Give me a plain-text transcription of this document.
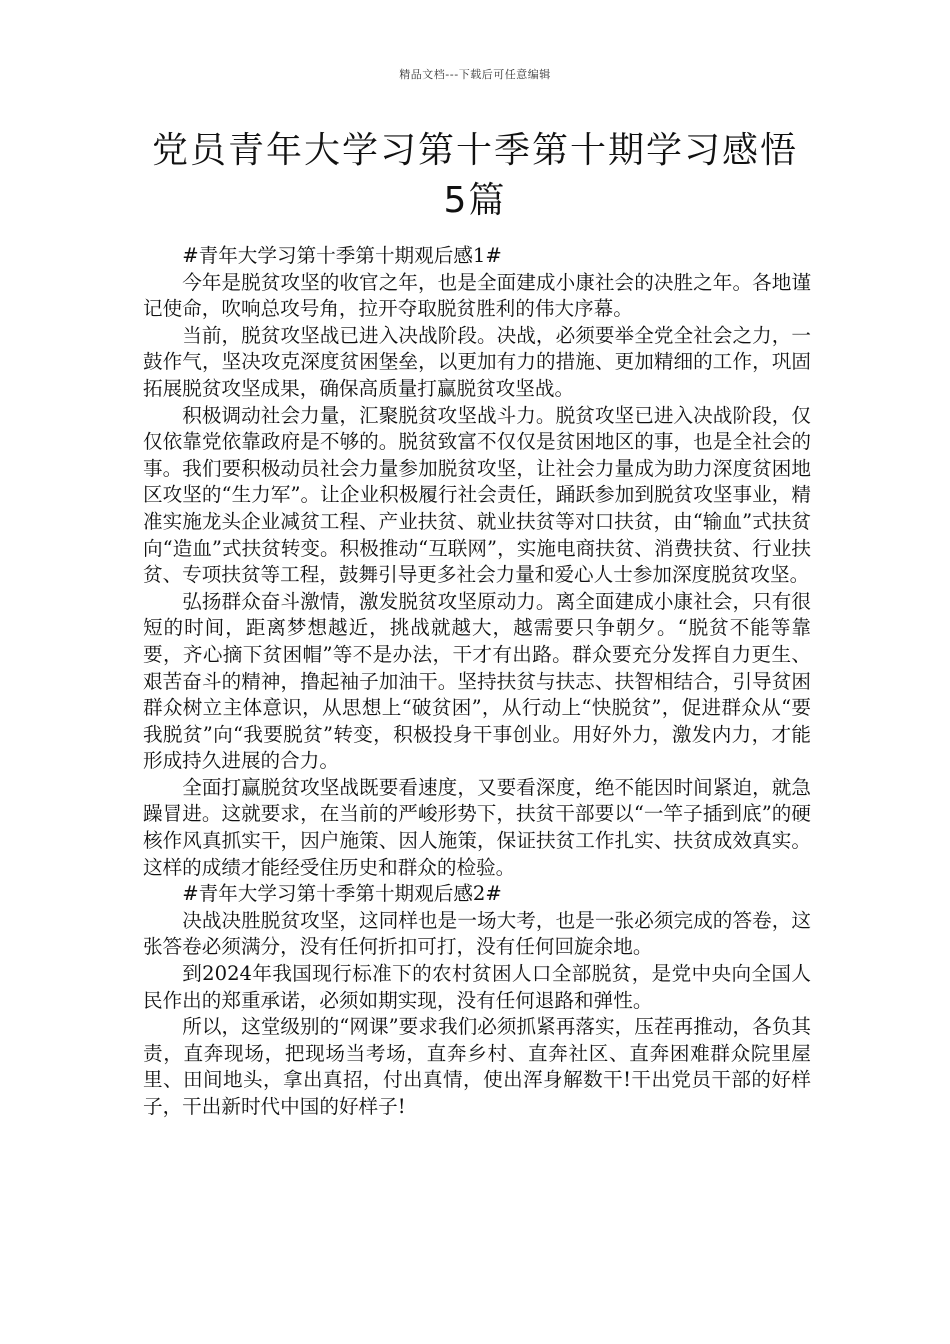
精品文档---下载后可任意编辑
党员青年大学习第十季第十期学习感悟
5篇

#青年大学习第十季第十期观后感1#

今年是脱贫攻坚的收官之年，也是全面建成小康社会的决胜之年。各地谨记使命，吹响总攻号角，拉开夺取脱贫胜利的伟大序幕。

当前，脱贫攻坚战已进入决战阶段。决战，必须要举全党全社会之力，一鼓作气，坚决攻克深度贫困堡垒，以更加有力的措施、更加精细的工作，巩固拓展脱贫攻坚成果，确保高质量打赢脱贫攻坚战。

积极调动社会力量，汇聚脱贫攻坚战斗力。脱贫攻坚已进入决战阶段，仅仅依靠党依靠政府是不够的。脱贫致富不仅仅是贫困地区的事，也是全社会的事。我们要积极动员社会力量参加脱贫攻坚，让社会力量成为助力深度贫困地区攻坚的“生力军”。让企业积极履行社会责任，踊跃参加到脱贫攻坚事业，精准实施龙头企业减贫工程、产业扶贫、就业扶贫等对口扶贫，由“输血”式扶贫向“造血”式扶贫转变。积极推动“互联网”，实施电商扶贫、消费扶贫、行业扶贫、专项扶贫等工程，鼓舞引导更多社会力量和爱心人士参加深度脱贫攻坚。

弘扬群众奋斗激情，激发脱贫攻坚原动力。离全面建成小康社会，只有很短的时间，距离梦想越近，挑战就越大，越需要只争朝夕。“脱贫不能等靠要，齐心摘下贫困帽”等不是办法，干才有出路。群众要充分发挥自力更生、艰苦奋斗的精神，撸起袖子加油干。坚持扶贫与扶志、扶智相结合，引导贫困群众树立主体意识，从思想上“破贫困”，从行动上“快脱贫”，促进群众从“要我脱贫”向“我要脱贫”转变，积极投身干事创业。用好外力，激发内力，才能形成持久进展的合力。

全面打赢脱贫攻坚战既要看速度，又要看深度，绝不能因时间紧迫，就急躁冒进。这就要求，在当前的严峻形势下，扶贫干部要以“一竿子插到底”的硬核作风真抓实干，因户施策、因人施策，保证扶贫工作扎实、扶贫成效真实。这样的成绩才能经受住历史和群众的检验。

#青年大学习第十季第十期观后感2#

决战决胜脱贫攻坚，这同样也是一场大考，也是一张必须完成的答卷，这张答卷必须满分，没有任何折扣可打，没有任何回旋余地。

到2024年我国现行标准下的农村贫困人口全部脱贫，是党中央向全国人民作出的郑重承诺，必须如期实现，没有任何退路和弹性。

所以，这堂级别的“网课”要求我们必须抓紧再落实，压茬再推动，各负其责，直奔现场，把现场当考场，直奔乡村、直奔社区、直奔困难群众院里屋里、田间地头，拿出真招，付出真情，使出浑身解数干!干出党员干部的好样子，干出新时代中国的好样子!
